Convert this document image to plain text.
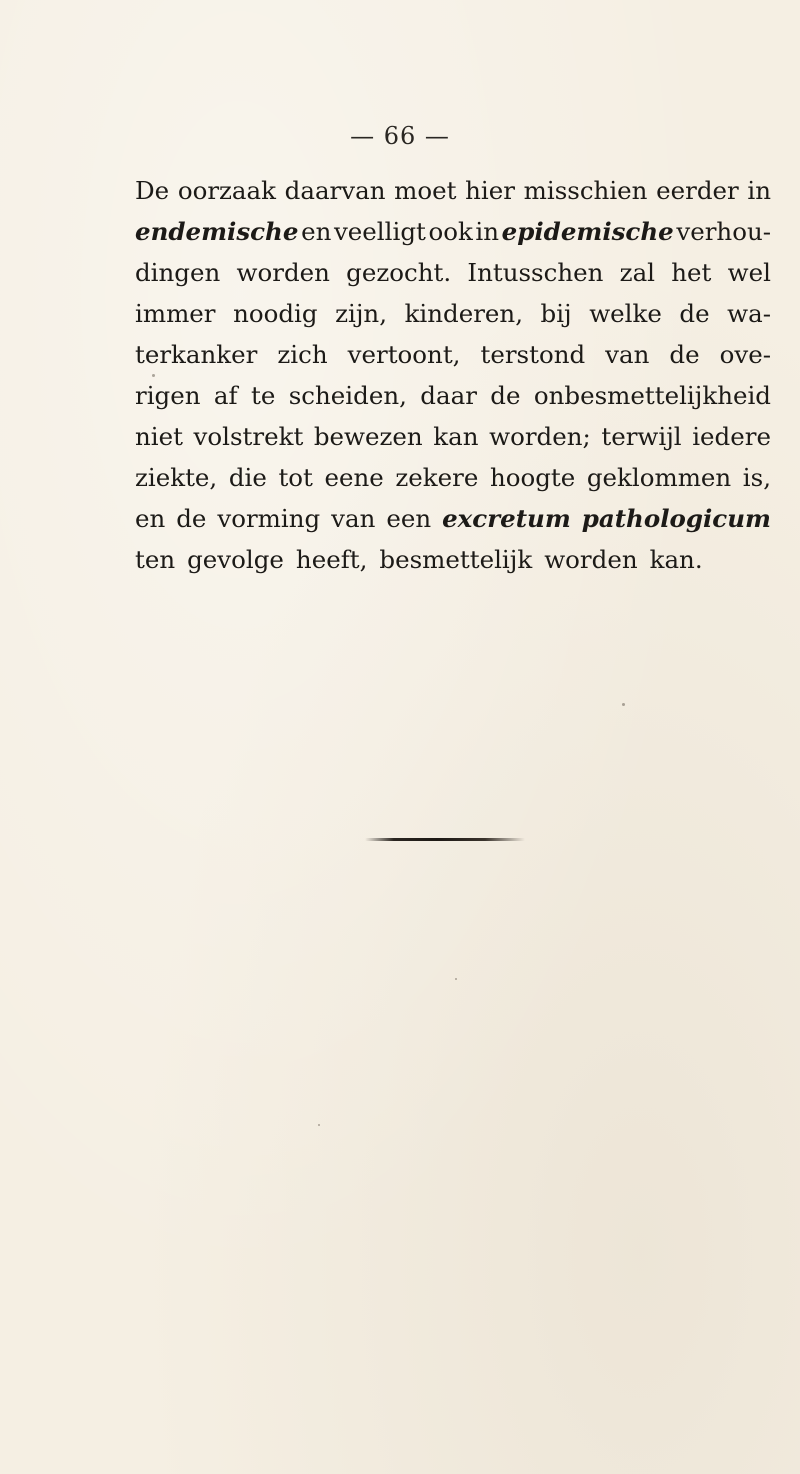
— 66 —
De oorzaak daarvan moet hier misschien eerder in
endemische en veelligt ook in epidemische verhou-
dingen worden gezocht. Intusschen zal het wel
immer noodig zijn, kinderen, bij welke de wa-
terkanker zich vertoont, terstond van de ove-
rigen af te scheiden, daar de onbesmettelijkheid
niet volstrekt bewezen kan worden; terwijl iedere
ziekte, die tot eene zekere hoogte geklommen is,
en de vorming van een excretum pathologicum
ten gevolge heeft, besmettelijk worden kan.
